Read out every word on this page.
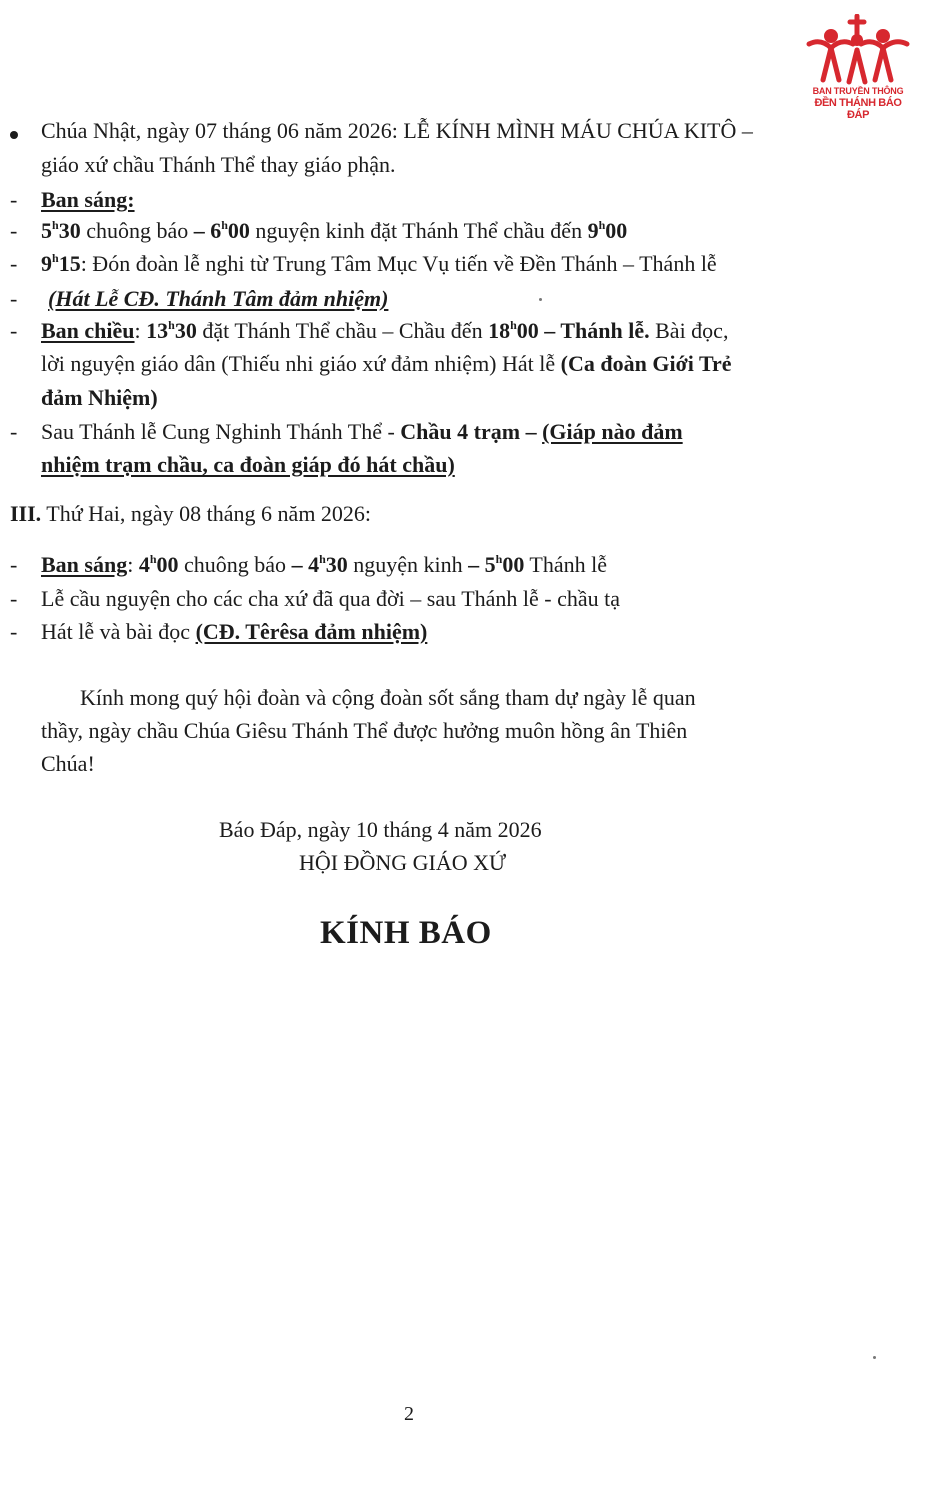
BAN TRUYỀN THÔNG
ĐỀN THÁNH BÁO ĐÁP
Chúa Nhật, ngày 07 tháng 06 năm 2026: LỄ KÍNH MÌNH MÁU CHÚA KITÔ –
giáo xứ chầu Thánh Thể thay giáo phận.
- Ban sáng:
- 5$^h$30 chuông báo – 6$^h$00 nguyện kinh đặt Thánh Thể chầu đến 9$^h$00
- 9$^h$15: Đón đoàn lễ nghi từ Trung Tâm Mục Vụ tiến về Đền Thánh – Thánh lễ
- (Hát Lễ CĐ. Thánh Tâm đảm nhiệm)
- Ban chiều: 13$^h$30 đặt Thánh Thể chầu – Chầu đến 18$^h$00 – Thánh lễ. Bài đọc,
lời nguyện giáo dân (Thiếu nhi giáo xứ đảm nhiệm) Hát lễ (Ca đoàn Giới Trẻ
đảm Nhiệm)
- Sau Thánh lễ Cung Nghinh Thánh Thể - Chầu 4 trạm – (Giáp nào đảm
nhiệm trạm chầu, ca đoàn giáp đó hát chầu)
III. Thứ Hai, ngày 08 tháng 6 năm 2026:
- Ban sáng: 4$^h$00 chuông báo – 4$^h$30 nguyện kinh – 5$^h$00 Thánh lễ
- Lễ cầu nguyện cho các cha xứ đã qua đời – sau Thánh lễ - chầu tạ
- Hát lễ và bài đọc (CĐ. Têrêsa đảm nhiệm)
Kính mong quý hội đoàn và cộng đoàn sốt sắng tham dự ngày lễ quan
thầy, ngày chầu Chúa Giêsu Thánh Thể được hưởng muôn hồng ân Thiên
Chúa!
Báo Đáp, ngày 10 tháng 4 năm 2026
HỘI ĐỒNG GIÁO XỨ
KÍNH BÁO
2
